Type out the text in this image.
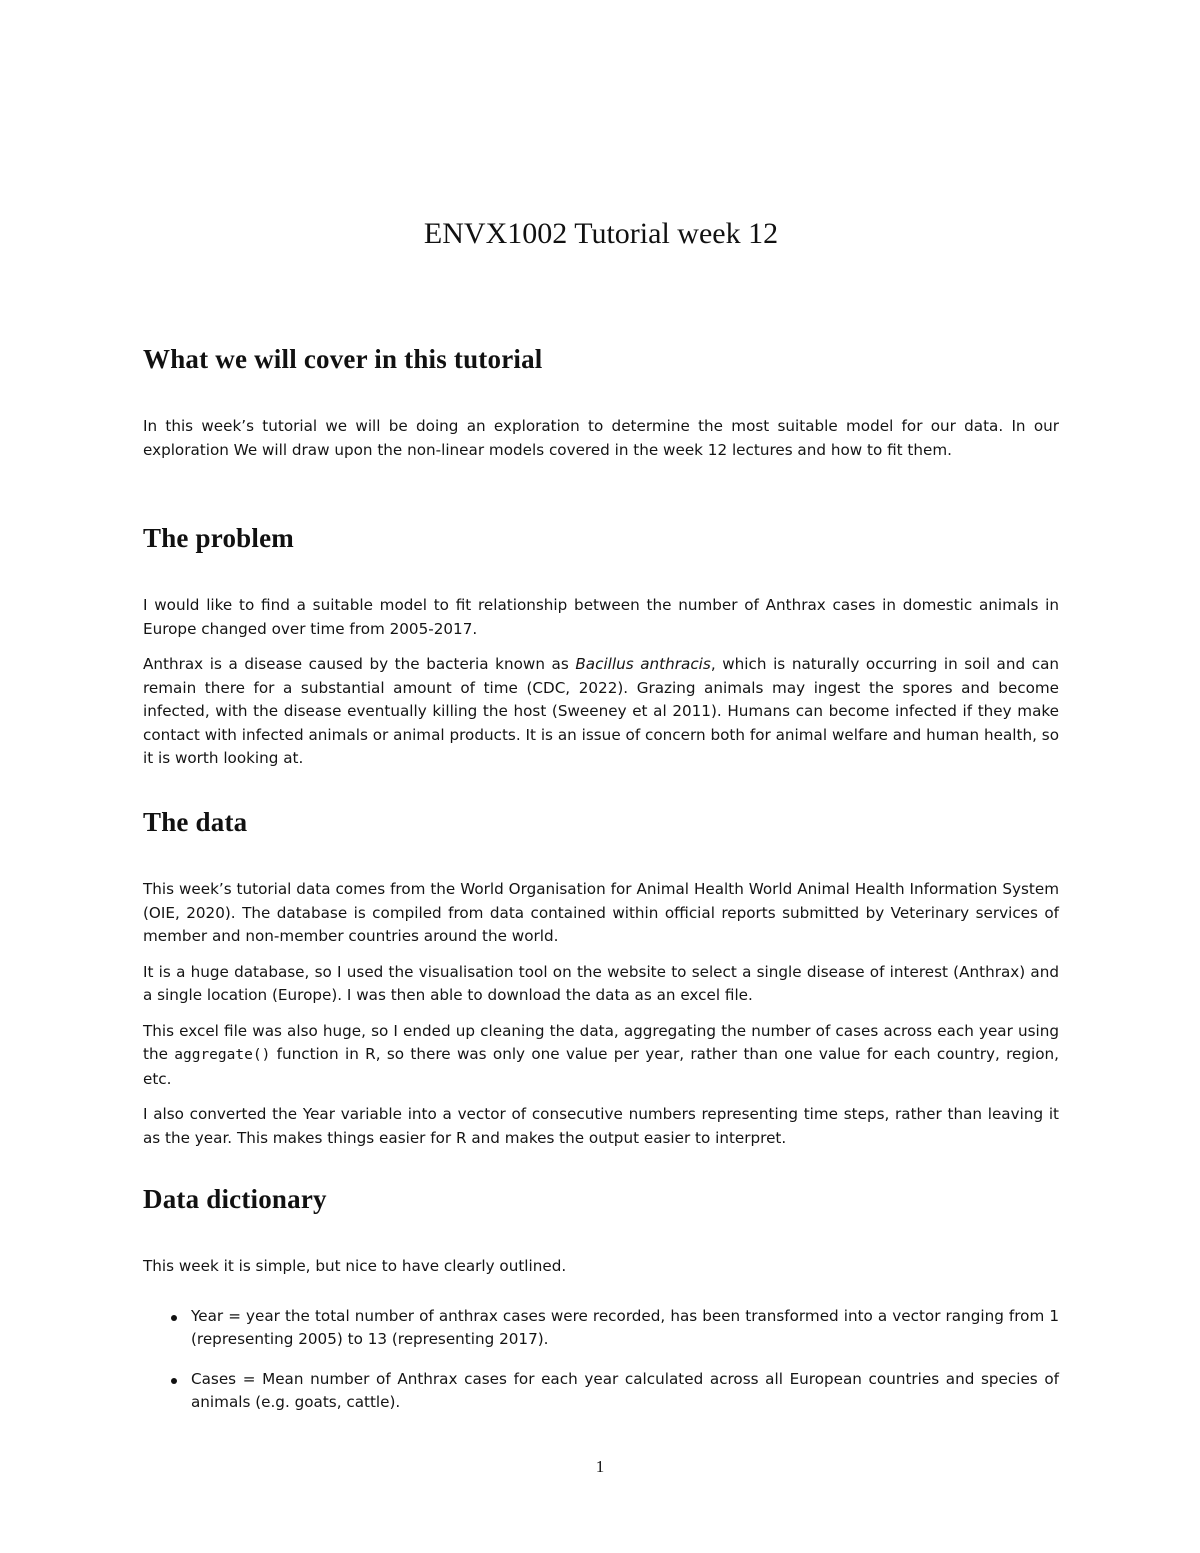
ENVX1002 Tutorial week 12
What we will cover in this tutorial

In this week’s tutorial we will be doing an exploration to determine the most suitable model for our data. In our exploration We will draw upon the non-linear models covered in the week 12 lectures and how to fit them.

The problem

I would like to find a suitable model to fit relationship between the number of Anthrax cases in domestic animals in Europe changed over time from 2005-2017.

Anthrax is a disease caused by the bacteria known as Bacillus anthracis, which is naturally occurring in soil and can remain there for a substantial amount of time (CDC, 2022). Grazing animals may ingest the spores and become infected, with the disease eventually killing the host (Sweeney et al 2011). Humans can become infected if they make contact with infected animals or animal products. It is an issue of concern both for animal welfare and human health, so it is worth looking at.

The data

This week’s tutorial data comes from the World Organisation for Animal Health World Animal Health Information System (OIE, 2020). The database is compiled from data contained within official reports submitted by Veterinary services of member and non-member countries around the world.

It is a huge database, so I used the visualisation tool on the website to select a single disease of interest (Anthrax) and a single location (Europe). I was then able to download the data as an excel file.

This excel file was also huge, so I ended up cleaning the data, aggregating the number of cases across each year using the aggregate() function in R, so there was only one value per year, rather than one value for each country, region, etc.

I also converted the Year variable into a vector of consecutive numbers representing time steps, rather than leaving it as the year. This makes things easier for R and makes the output easier to interpret.

Data dictionary

This week it is simple, but nice to have clearly outlined.

Year = year the total number of anthrax cases were recorded, has been transformed into a vector ranging from 1 (representing 2005) to 13 (representing 2017).
Cases = Mean number of Anthrax cases for each year calculated across all European countries and species of animals (e.g. goats, cattle).
1
